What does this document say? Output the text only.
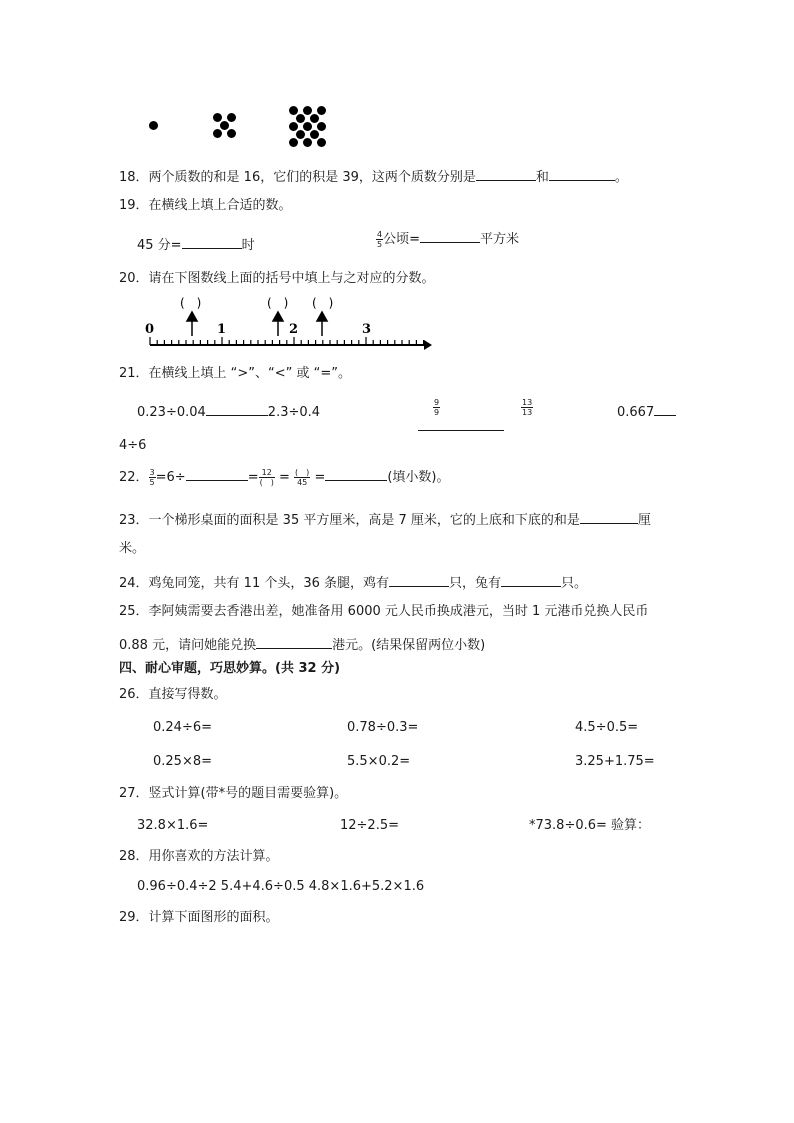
18．两个质数的和是 16，它们的积是 39，这两个质数分别是	和	。
19．在横线上填上合适的数。
45 分=	时	$\frac{4}{5}$ 公顷=	平方米
20．请在下图数线上面的括号中填上与之对应的分数。
(　)	(　) (　)
0	1	2	3
21．在横线上填上 “>”、“<” 或 “=”。
0.23÷0.04	2.3÷0.4	$\frac{9}{9}$	$\frac{13}{13}$	0.667
4÷6
22． $\frac{3}{5} =6\div$	= $\frac{12}{( )} = \frac{( )}{45}$ =	(填小数)。
23．一个梯形桌面的面积是 35 平方厘米，高是 7 厘米，它的上底和下底的和是	厘
米。
24．鸡兔同笼，共有 11 个头，36 条腿，鸡有	只，兔有	只。
25．李阿姨需要去香港出差，她准备用 6000 元人民币换成港元，当时 1 元港币兑换人民币
0.88 元，请问她能兑换	港元。(结果保留两位小数)
四、耐心审题，巧思妙算。(共 32 分)
26．直接写得数。
0.24÷6=	0.78÷0.3=	4.5÷0.5=
0.25×8=	5.5×0.2=	3.25+1.75=
27．竖式计算(带*号的题目需要验算)。
32.8×1.6=	12÷2.5=	*73.8÷0.6= 验算：
28．用你喜欢的方法计算。
0.96÷0.4÷2 5.4+4.6÷0.5 4.8×1.6+5.2×1.6
29．计算下面图形的面积。
